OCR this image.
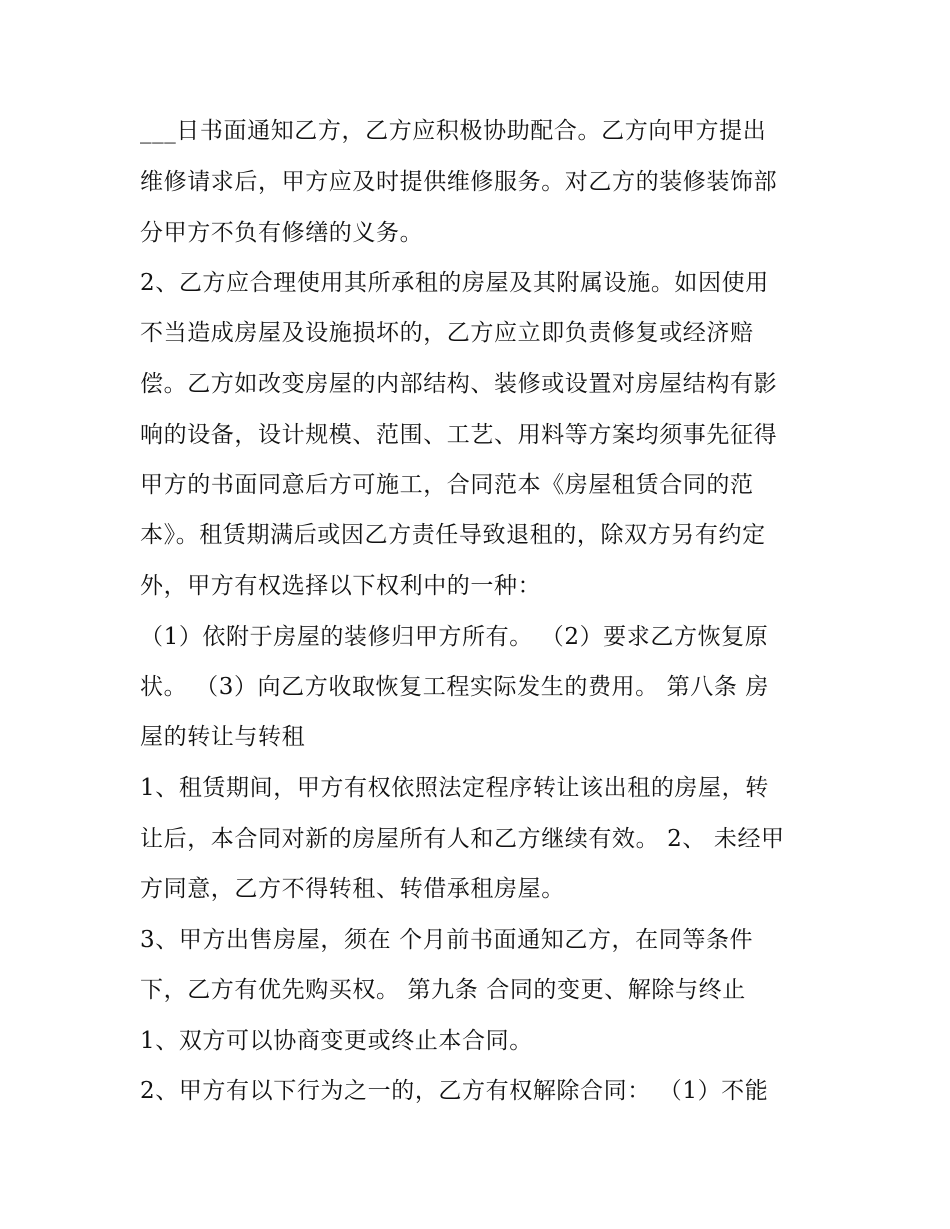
___日书面通知乙方，乙方应积极协助配合。乙方向甲方提出
维修请求后，甲方应及时提供维修服务。对乙方的装修装饰部
分甲方不负有修缮的义务。
2、乙方应合理使用其所承租的房屋及其附属设施。如因使用
不当造成房屋及设施损坏的，乙方应立即负责修复或经济赔
偿。乙方如改变房屋的内部结构、装修或设置对房屋结构有影
响的设备，设计规模、范围、工艺、用料等方案均须事先征得
甲方的书面同意后方可施工，合同范本《房屋租赁合同的范
本》。租赁期满后或因乙方责任导致退租的，除双方另有约定
外，甲方有权选择以下权利中的一种：
（1）依附于房屋的装修归甲方所有。 （2）要求乙方恢复原
状。 （3）向乙方收取恢复工程实际发生的费用。 第八条 房
屋的转让与转租
1、租赁期间，甲方有权依照法定程序转让该出租的房屋，转
让后，本合同对新的房屋所有人和乙方继续有效。 2、 未经甲
方同意，乙方不得转租、转借承租房屋。
3、甲方出售房屋，须在 个月前书面通知乙方，在同等条件
下，乙方有优先购买权。 第九条 合同的变更、解除与终止
1、双方可以协商变更或终止本合同。
2、甲方有以下行为之一的，乙方有权解除合同： （1）不能
